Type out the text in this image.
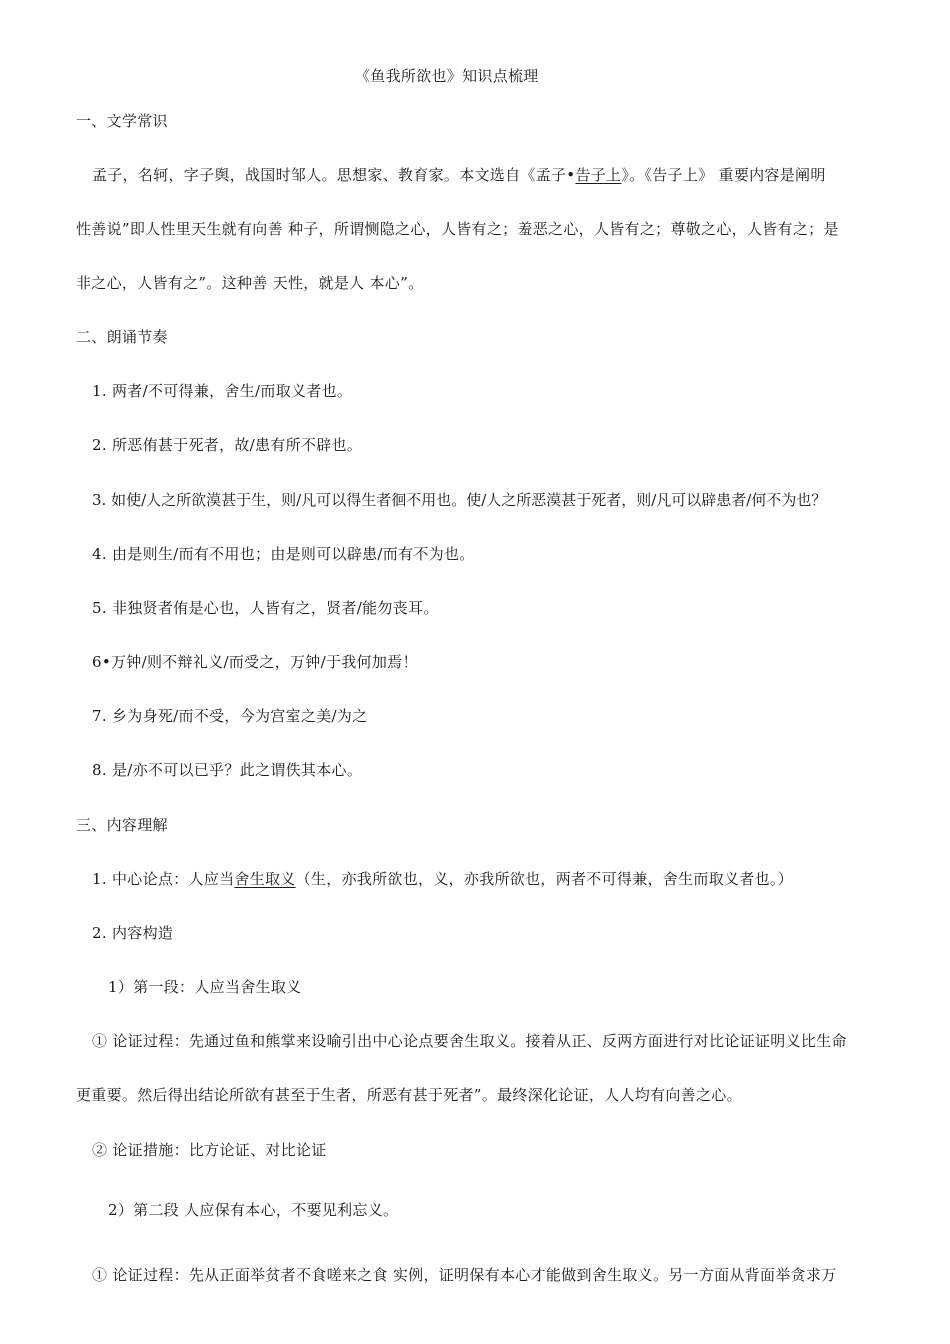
《鱼我所欲也》知识点梳理
一、文学常识
孟子，名轲，字子舆，战国时邹人。思想家、教育家。本文选自《孟子•告子上》。《告子上》 重要内容是阐明
性善说”即人性里天生就有向善 种子，所谓恻隐之心，人皆有之；羞恶之心，人皆有之；尊敬之心，人皆有之；是
非之心，人皆有之”。这种善 天性，就是人 本心”。
二、朗诵节奏
1. 两者/不可得兼，舍生/而取义者也。
2. 所恶侑甚于死者，故/患有所不辟也。
3. 如使/人之所欲漠甚于生，则/凡可以得生者徊不用也。使/人之所恶漠甚于死者，则/凡可以辟患者/何不为也？
4. 由是则生/而有不用也；由是则可以辟患/而有不为也。
5. 非独贤者侑是心也，人皆有之，贤者/能勿丧耳。
6•万钟/则不辩礼义/而受之，万钟/于我何加焉！
7. 乡为身死/而不受，今为宫室之美/为之
8. 是/亦不可以已乎？此之谓佚其本心。
三、内容理解
1. 中心论点：人应当舍生取义（生，亦我所欲也，义，亦我所欲也，两者不可得兼，舍生而取义者也。）
2. 内容构造
1）第一段：人应当舍生取义
① 论证过程：先通过鱼和熊掌来设喻引出中心论点要舍生取义。接着从正、反两方面进行对比论证证明义比生命
更重要。然后得出结论所欲有甚至于生者，所恶有甚于死者”。最终深化论证，人人均有向善之心。
② 论证措施：比方论证、对比论证
2）第二段 人应保有本心，不要见利忘义。
① 论证过程：先从正面举贫者不食嗟来之食 实例，证明保有本心才能做到舍生取义。另一方面从背面举贪求万
